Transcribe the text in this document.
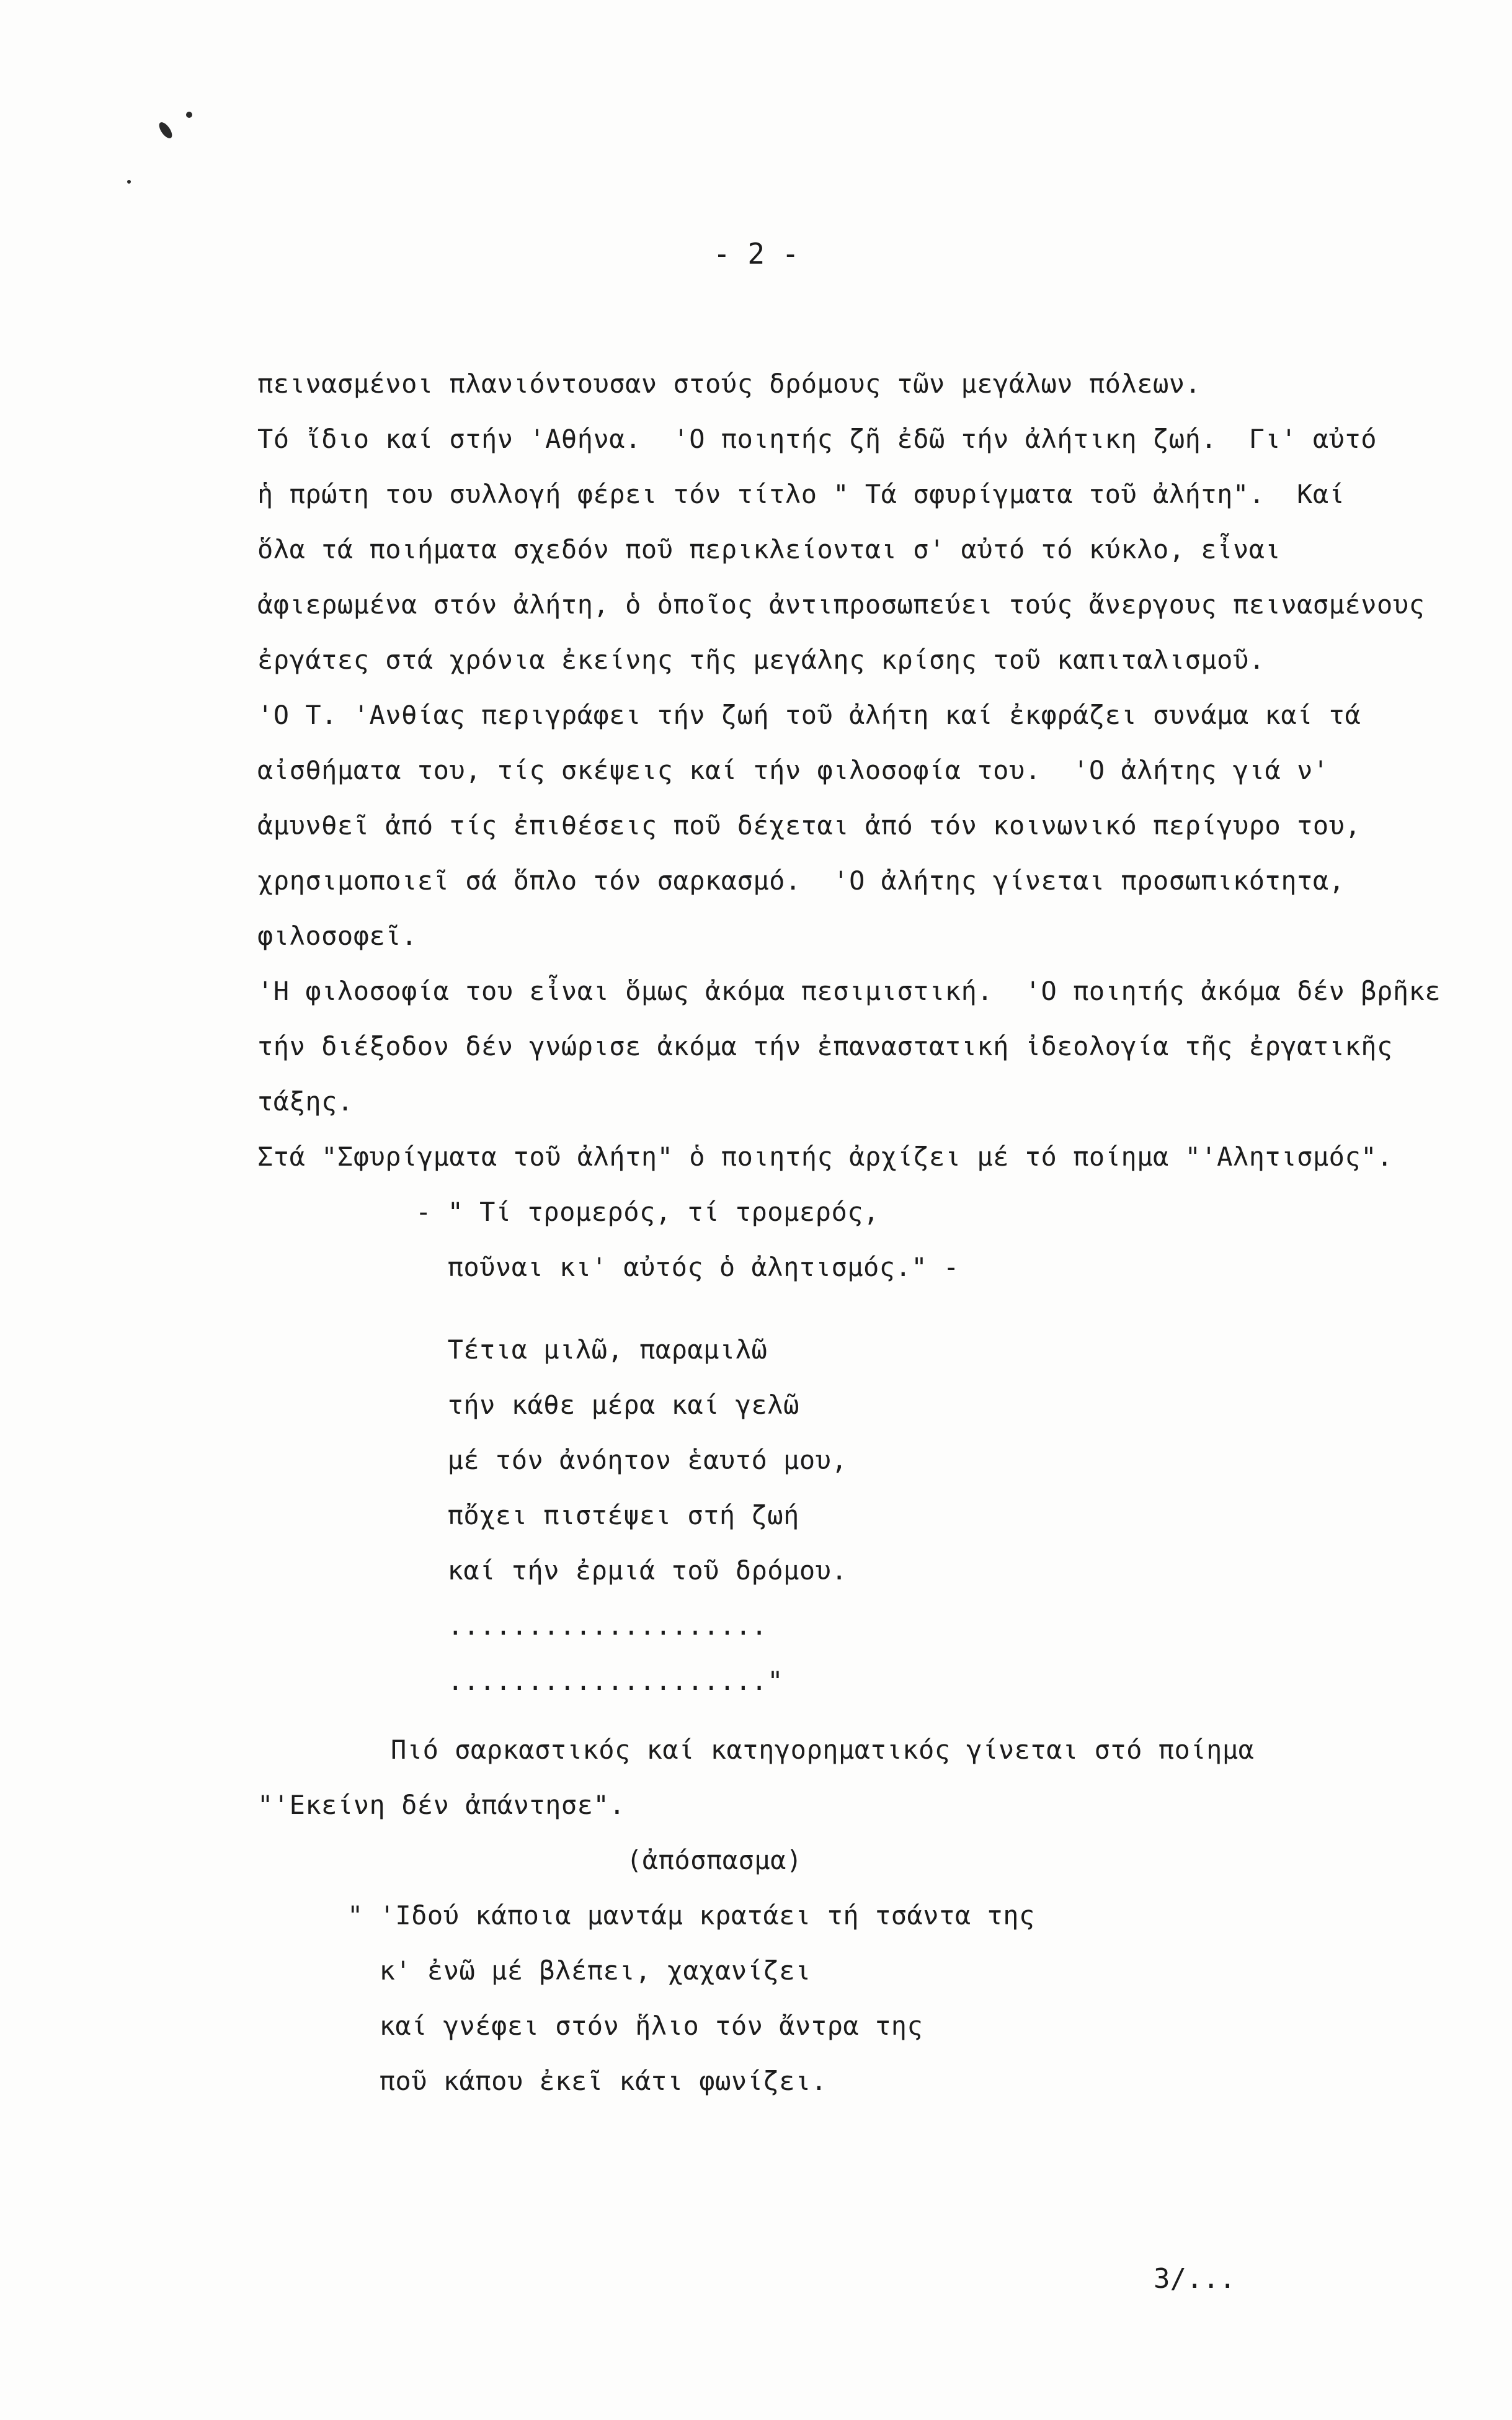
- 2 -
πεινασμένοι πλανιόντουσαν στούς δρόμους τῶν μεγάλων πόλεων.
Τό ἴδιο καί στήν 'Αθήνα.  'Ο ποιητής ζῆ ἐδῶ τήν ἀλήτικη ζωή.  Γι' αὐτό
ἡ πρώτη του συλλογή φέρει τόν τίτλο " Τά σφυρίγματα τοῦ ἀλήτη".  Καί
ὅλα τά ποιήματα σχεδόν ποῦ περικλείονται σ' αὐτό τό κύκλο, εἶναι
ἀφιερωμένα στόν ἀλήτη, ὁ ὁποῖος ἀντιπροσωπεύει τούς ἄνεργους πεινασμένους
ἐργάτες στά χρόνια ἐκείνης τῆς μεγάλης κρίσης τοῦ καπιταλισμοῦ.
'Ο Τ. 'Ανθίας περιγράφει τήν ζωή τοῦ ἀλήτη καί ἐκφράζει συνάμα καί τά
αἰσθήματα του, τίς σκέψεις καί τήν φιλοσοφία του.  'Ο ἀλήτης γιά ν'
ἀμυνθεῖ ἀπό τίς ἐπιθέσεις ποῦ δέχεται ἀπό τόν κοινωνικό περίγυρο του,
χρησιμοποιεῖ σά ὅπλο τόν σαρκασμό.  'Ο ἀλήτης γίνεται προσωπικότητα,
φιλοσοφεῖ.
'Η φιλοσοφία του εἶναι ὅμως ἀκόμα πεσιμιστική.  'Ο ποιητής ἀκόμα δέν βρῆκε
τήν διέξοδον δέν γνώρισε ἀκόμα τήν ἐπαναστατική ἰδεολογία τῆς ἐργατικῆς
τάξης.
Στά "Σφυρίγματα τοῦ ἀλήτη" ὁ ποιητής ἀρχίζει μέ τό ποίημα "'Αλητισμός".
- " Τί τρομερός, τί τρομερός,
ποῦναι κι' αὐτός ὁ ἀλητισμός." -
Τέτια μιλῶ, παραμιλῶ
τήν κάθε μέρα καί γελῶ
μέ τόν ἀνόητον ἑαυτό μου,
πὄχει πιστέψει στή ζωή
καί τήν ἐρμιά τοῦ δρόμου.
....................
...................."
Πιό σαρκαστικός καί κατηγορηματικός γίνεται στό ποίημα
"'Εκείνη δέν ἀπάντησε".
(ἀπόσπασμα)
" 'Ιδού κάποια μαντάμ κρατάει τή τσάντα της
κ' ἐνῶ μέ βλέπει, χαχανίζει
καί γνέφει στόν ἥλιο τόν ἄντρα της
ποῦ κάπου ἐκεῖ κάτι φωνίζει.
3/...
